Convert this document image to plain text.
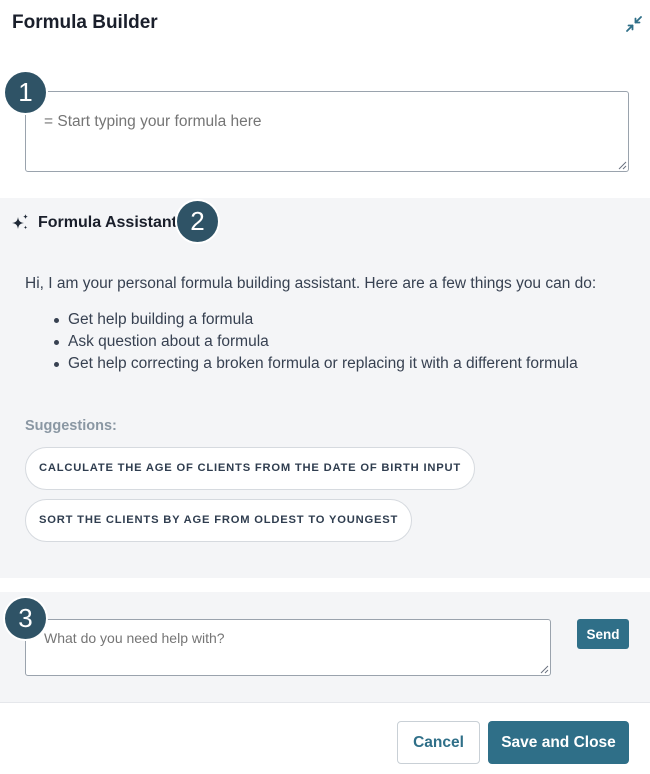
Formula Builder
1
= Start typing your formula here
Formula Assistant
Hi, I am your personal formula building assistant. Here are a few things you can do:
Get help building a formula
Ask question about a formula
Get help correcting a broken formula or replacing it with a different formula
Suggestions:
CALCULATE THE AGE OF CLIENTS FROM THE DATE OF BIRTH INPUT
SORT THE CLIENTS BY AGE FROM OLDEST TO YOUNGEST
2
What do you need help with?
Send
3
Cancel	Save and Close
